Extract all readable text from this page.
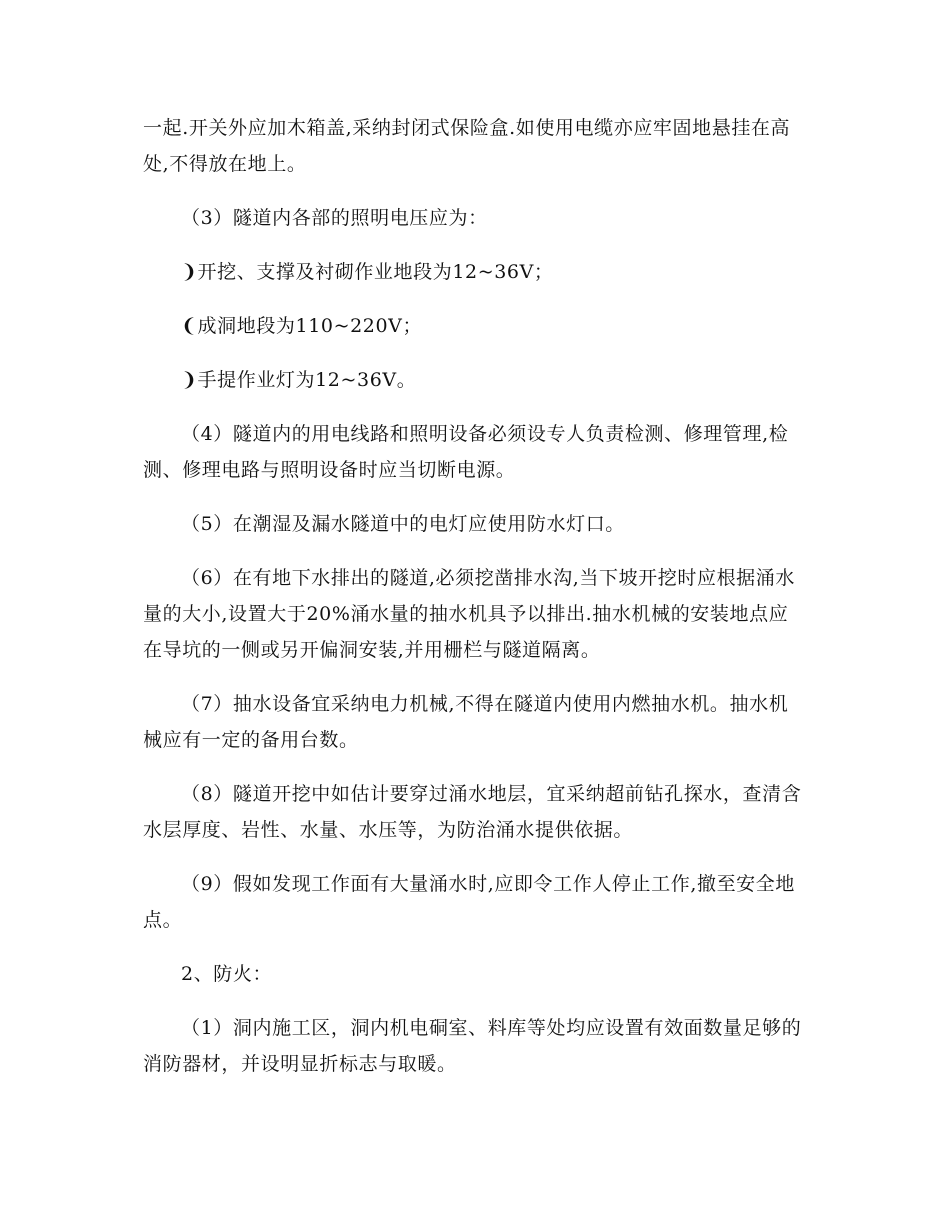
一起.开关外应加木箱盖,采纳封闭式保险盒.如使用电缆亦应牢固地悬挂在高处,不得放在地上。

（3）隧道内各部的照明电压应为：

❩开挖、支撑及衬砌作业地段为12~36V；

❨成洞地段为110~220V；

❩手提作业灯为12~36V。

（4）隧道内的用电线路和照明设备必须设专人负责检测、修理管理,检测、修理电路与照明设备时应当切断电源。

（5）在潮湿及漏水隧道中的电灯应使用防水灯口。

（6）在有地下水排出的隧道,必须挖凿排水沟,当下坡开挖时应根据涌水量的大小,设置大于20%涌水量的抽水机具予以排出.抽水机械的安装地点应在导坑的一侧或另开偏洞安装,并用栅栏与隧道隔离。

（7）抽水设备宜采纳电力机械,不得在隧道内使用内燃抽水机。抽水机械应有一定的备用台数。

（8）隧道开挖中如估计要穿过涌水地层，宜采纳超前钻孔探水，查清含水层厚度、岩性、水量、水压等，为防治涌水提供依据。

（9）假如发现工作面有大量涌水时,应即令工作人停止工作,撤至安全地点。

2、防火：

（1）洞内施工区，洞内机电硐室、料库等处均应设置有效面数量足够的消防器材，并设明显折标志与取暖。
